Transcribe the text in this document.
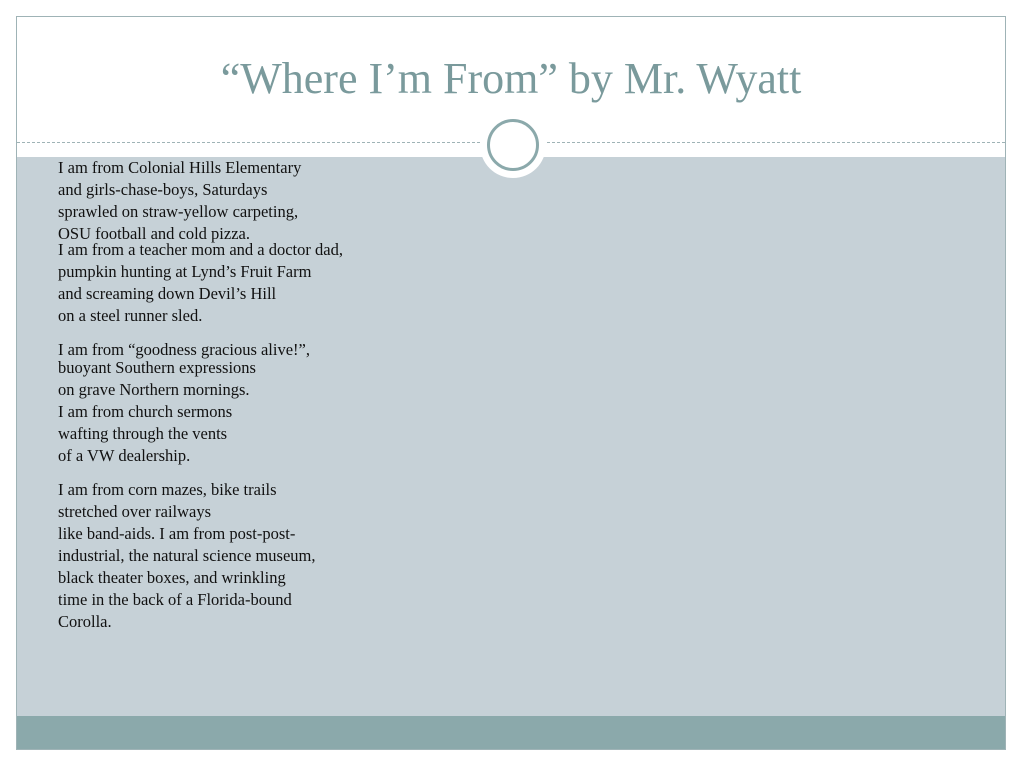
“Where I’m From” by Mr. Wyatt
I am from Colonial Hills Elementary
and girls-chase-boys, Saturdays
sprawled on straw-yellow carpeting,
OSU football and cold pizza.
I am from a teacher mom and a doctor dad,
pumpkin hunting at Lynd’s Fruit Farm
and screaming down Devil’s Hill
on a steel runner sled.
I am from “goodness gracious alive!”,
buoyant Southern expressions
on grave Northern mornings.
I am from church sermons
wafting through the vents
of a VW dealership.
I am from corn mazes, bike trails
stretched over railways
like band-aids. I am from post-post-
industrial, the natural science museum,
black theater boxes, and wrinkling
time in the back of a Florida-bound
Corolla.
